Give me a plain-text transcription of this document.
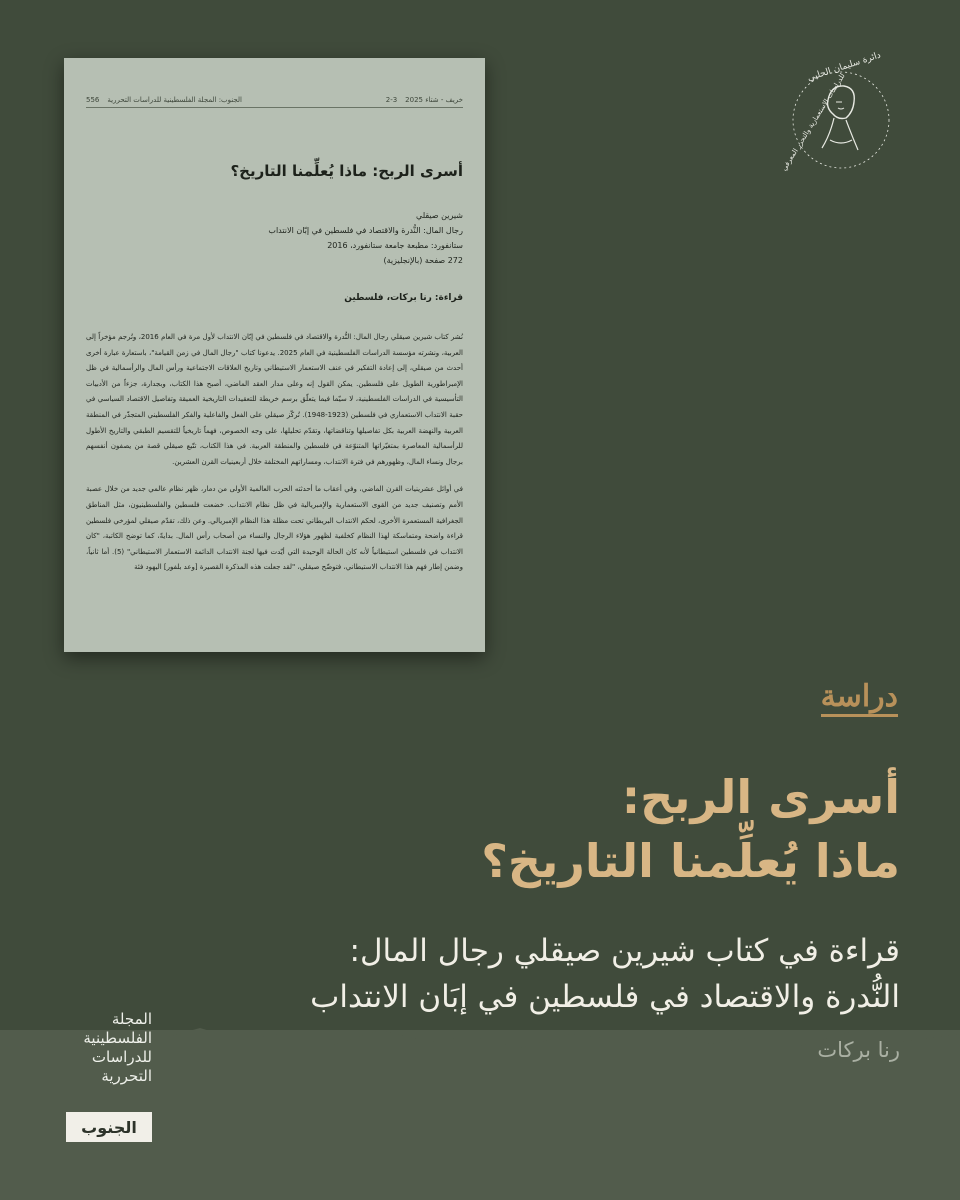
خريف - شتاء 2025
2-3
الجنوب: المجلة الفلسطينية للدراسات التحررية
556
أسرى الربح: ماذا يُعلِّمنا التاريخ؟
شيرين صيقلي
رجال المال: النُّدرة والاقتصاد في فلسطين في إبّان الانتداب
ستانفورد: مطبعة جامعة ستانفورد، 2016
272 صفحة (بالإنجليزية)
قراءة: رنا بركات، فلسطين

نُشر كتاب شيرين صيقلي رجال المال: النُّدرة والاقتصاد في فلسطين في إبّان الانتداب لأول مرة في العام 2016، وتُرجم مؤخراً إلى العربية، ونشرته مؤسسة الدراسات الفلسطينية في العام 2025. يدعونا كتاب "رجال المال في زمن القيامة"، باستعارة عبارة أخرى أحدث من صيقلي، إلى إعادة التفكير في عنف الاستعمار الاستيطاني وتاريخ العلاقات الاجتماعية ورأس المال والرأسمالية في ظل الإمبراطورية الطويل على فلسطين. يمكن القول إنه وعلى مدار العقد الماضي، أصبح هذا الكتاب، وبجدارة، جزءاً من الأدبيات التأسيسية في الدراسات الفلسطينية، لا سيّما فيما يتعلّق برسم خريطة للتعقيدات التاريخية العميقة وتفاصيل الاقتصاد السياسي في حقبة الانتداب الاستعماري في فلسطين (1923-1948). تُركّز صيقلي على الفعل والفاعلية والفكر الفلسطيني المتجذّر في المنطقة العربية والنهضة العربية بكل تفاصيلها وتناقضاتها، وتقدّم تحليلها، على وجه الخصوص، فهماً تاريخياً للتقسيم الطبقي والتاريخ الأطول للرأسمالية المعاصرة بمتغيّراتها المتنوّعة في فلسطين والمنطقة العربية. في هذا الكتاب، تتّبع صيقلي قصة من يصفون أنفسهم برجال ونساء المال، وظهورهم في فترة الانتداب، ومساراتهم المختلفة خلال أربعينيات القرن العشرين.

في أوائل عشرينيات القرن الماضي، وفي أعقاب ما أحدثته الحرب العالمية الأولى من دمار، ظهر نظام عالمي جديد من خلال عصبة الأمم وتصنيف جديد من القوى الاستعمارية والإمبريالية في ظل نظام الانتداب. خضعت فلسطين والفلسطينيون، مثل المناطق الجغرافية المستعمرة الأخرى، لحكم الانتداب البريطاني تحت مظلة هذا النظام الإمبريالي. وعن ذلك، تقدّم صيقلي لمؤرخي فلسطين قراءة واضحة ومتماسكة لهذا النظام كخلفية لظهور هؤلاء الرجال والنساء من أصحاب رأس المال. بدايةً، كما توضح الكاتبة، "كان الانتداب في فلسطين استيطانياً لأنه كان الحالة الوحيدة التي أيّدت فيها لجنة الانتداب الدائمة الاستعمار الاستيطاني" (5). أما ثانياً، وضمن إطار فهم هذا الانتداب الاستيطاني، فتوضّح صيقلي، "لقد جعلت هذه المذكرة القصيرة [وعد بلفور] اليهود فئة

دائرة سليمان الحلبي
للدراسات الاستعمارية والتحرر المعرفي
دراسة
أسرى الربح:
ماذا يُعلِّمنا التاريخ؟
قراءة في كتاب شيرين صيقلي رجال المال:
النُّدرة والاقتصاد في فلسطين في إبَان الانتداب
رنا بركات
المجلة
الفلسطينية
للدراسات
التحررية
الجنوب
